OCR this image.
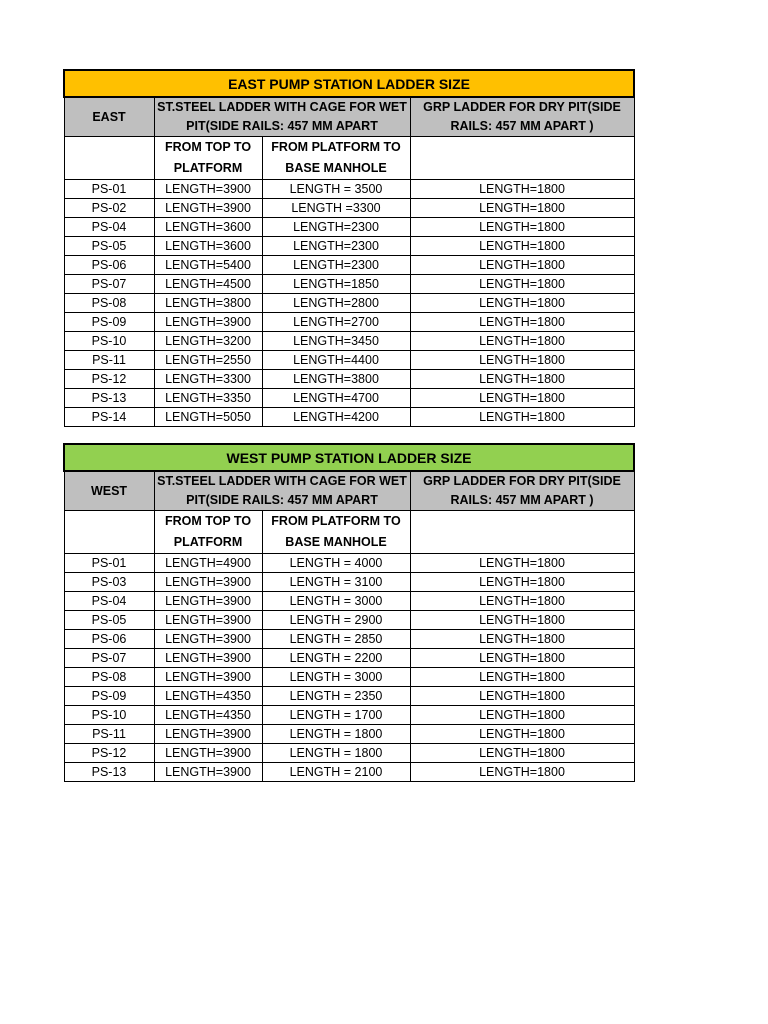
EAST PUMP STATION LADDER SIZE			
EAST	ST.STEEL LADDER WITH CAGE FOR WET PIT(SIDE RAILS: 457 MM APART		GRP LADDER FOR DRY PIT(SIDE RAILS: 457 MM APART )
	FROM TOP TO PLATFORM	FROM PLATFORM TO BASE MANHOLE	
PS-01	LENGTH=3900	LENGTH = 3500	LENGTH=1800
PS-02	LENGTH=3900	LENGTH =3300	LENGTH=1800
PS-04	LENGTH=3600	LENGTH=2300	LENGTH=1800
PS-05	LENGTH=3600	LENGTH=2300	LENGTH=1800
PS-06	LENGTH=5400	LENGTH=2300	LENGTH=1800
PS-07	LENGTH=4500	LENGTH=1850	LENGTH=1800
PS-08	LENGTH=3800	LENGTH=2800	LENGTH=1800
PS-09	LENGTH=3900	LENGTH=2700	LENGTH=1800
PS-10	LENGTH=3200	LENGTH=3450	LENGTH=1800
PS-11	LENGTH=2550	LENGTH=4400	LENGTH=1800
PS-12	LENGTH=3300	LENGTH=3800	LENGTH=1800
PS-13	LENGTH=3350	LENGTH=4700	LENGTH=1800
PS-14	LENGTH=5050	LENGTH=4200	LENGTH=1800
WEST PUMP STATION LADDER SIZE			
WEST	ST.STEEL LADDER WITH CAGE FOR WET PIT(SIDE RAILS: 457 MM APART		GRP LADDER FOR DRY PIT(SIDE RAILS: 457 MM APART )
	FROM TOP TO PLATFORM	FROM PLATFORM TO BASE MANHOLE	
PS-01	LENGTH=4900	LENGTH = 4000	LENGTH=1800
PS-03	LENGTH=3900	LENGTH = 3100	LENGTH=1800
PS-04	LENGTH=3900	LENGTH = 3000	LENGTH=1800
PS-05	LENGTH=3900	LENGTH = 2900	LENGTH=1800
PS-06	LENGTH=3900	LENGTH = 2850	LENGTH=1800
PS-07	LENGTH=3900	LENGTH = 2200	LENGTH=1800
PS-08	LENGTH=3900	LENGTH = 3000	LENGTH=1800
PS-09	LENGTH=4350	LENGTH = 2350	LENGTH=1800
PS-10	LENGTH=4350	LENGTH = 1700	LENGTH=1800
PS-11	LENGTH=3900	LENGTH = 1800	LENGTH=1800
PS-12	LENGTH=3900	LENGTH = 1800	LENGTH=1800
PS-13	LENGTH=3900	LENGTH = 2100	LENGTH=1800
